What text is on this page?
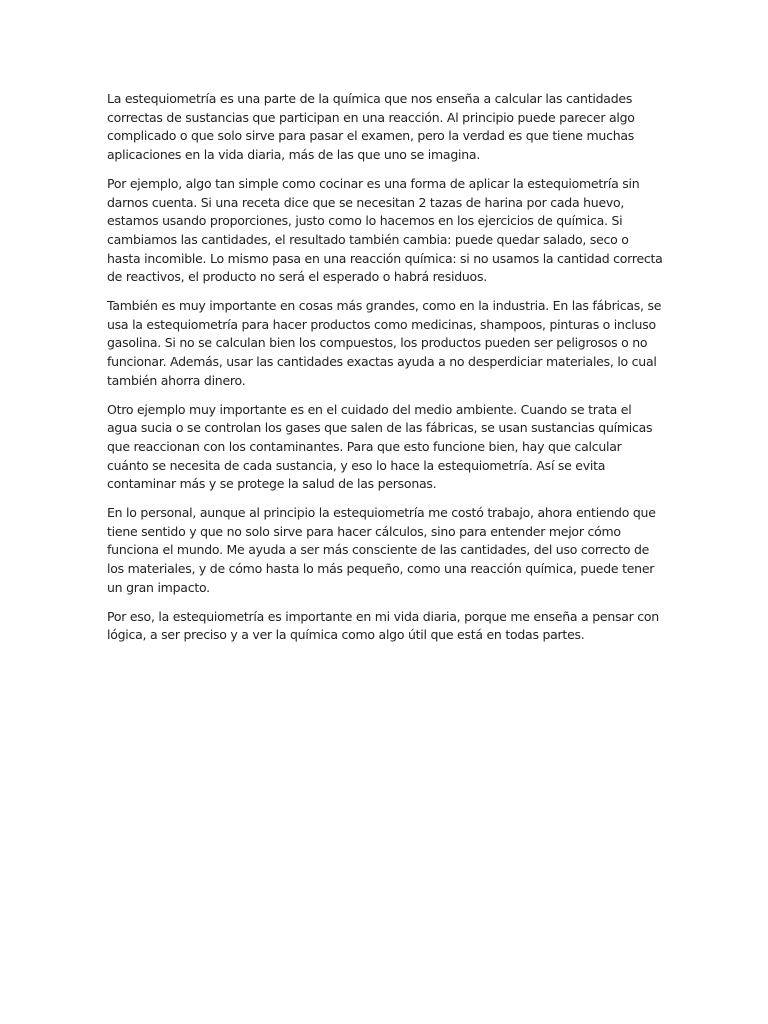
La estequiometría es una parte de la química que nos enseña a calcular las cantidades correctas de sustancias que participan en una reacción. Al principio puede parecer algo complicado o que solo sirve para pasar el examen, pero la verdad es que tiene muchas aplicaciones en la vida diaria, más de las que uno se imagina.

Por ejemplo, algo tan simple como cocinar es una forma de aplicar la estequiometría sin darnos cuenta. Si una receta dice que se necesitan 2 tazas de harina por cada huevo, estamos usando proporciones, justo como lo hacemos en los ejercicios de química. Si cambiamos las cantidades, el resultado también cambia: puede quedar salado, seco o hasta incomible. Lo mismo pasa en una reacción química: si no usamos la cantidad correcta de reactivos, el producto no será el esperado o habrá residuos.

También es muy importante en cosas más grandes, como en la industria. En las fábricas, se usa la estequiometría para hacer productos como medicinas, shampoos, pinturas o incluso gasolina. Si no se calculan bien los compuestos, los productos pueden ser peligrosos o no funcionar. Además, usar las cantidades exactas ayuda a no desperdiciar materiales, lo cual también ahorra dinero.

Otro ejemplo muy importante es en el cuidado del medio ambiente. Cuando se trata el agua sucia o se controlan los gases que salen de las fábricas, se usan sustancias químicas que reaccionan con los contaminantes. Para que esto funcione bien, hay que calcular cuánto se necesita de cada sustancia, y eso lo hace la estequiometría. Así se evita contaminar más y se protege la salud de las personas.

En lo personal, aunque al principio la estequiometría me costó trabajo, ahora entiendo que tiene sentido y que no solo sirve para hacer cálculos, sino para entender mejor cómo funciona el mundo. Me ayuda a ser más consciente de las cantidades, del uso correcto de los materiales, y de cómo hasta lo más pequeño, como una reacción química, puede tener un gran impacto.

Por eso, la estequiometría es importante en mi vida diaria, porque me enseña a pensar con lógica, a ser preciso y a ver la química como algo útil que está en todas partes.
